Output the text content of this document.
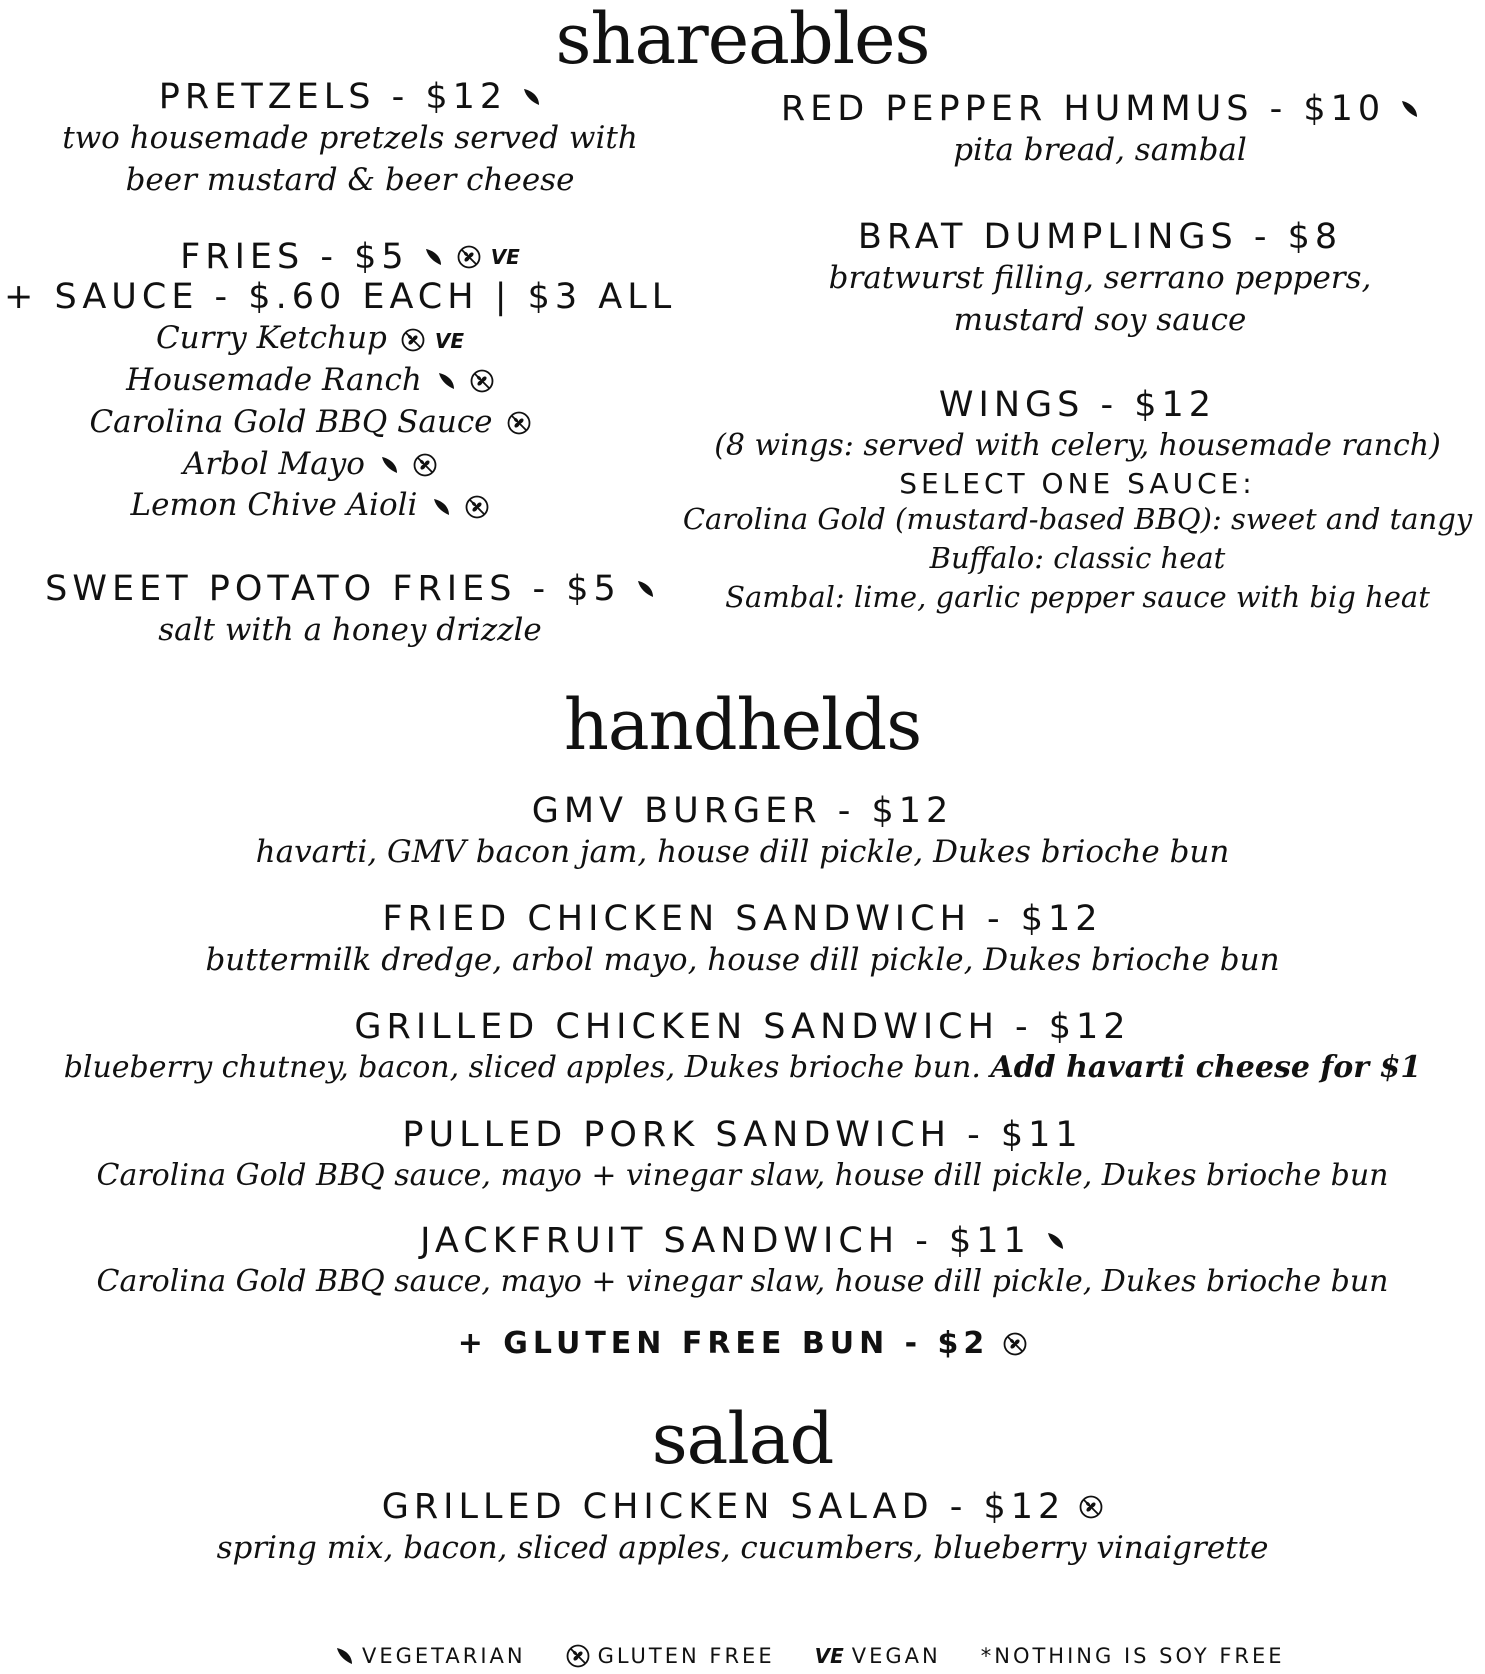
shareables
PRETZELS - $12
two housemade pretzels served with
beer mustard & beer cheese
FRIES - $5	VE
+ SAUCE - $.60 EACH | $3 ALL
Curry Ketchup VE
Housemade Ranch
Carolina Gold BBQ Sauce
Arbol Mayo
Lemon Chive Aioli
SWEET POTATO FRIES - $5
salt with a honey drizzle
RED PEPPER HUMMUS - $10
pita bread, sambal
BRAT DUMPLINGS - $8
bratwurst filling, serrano peppers,
mustard soy sauce
WINGS - $12
(8 wings: served with celery, housemade ranch)
SELECT ONE SAUCE:
Carolina Gold (mustard-based BBQ): sweet and tangy
Buffalo: classic heat
Sambal: lime, garlic pepper sauce with big heat
handhelds
GMV BURGER - $12
havarti, GMV bacon jam, house dill pickle, Dukes brioche bun
FRIED CHICKEN SANDWICH - $12
buttermilk dredge, arbol mayo, house dill pickle, Dukes brioche bun
GRILLED CHICKEN SANDWICH - $12
blueberry chutney, bacon, sliced apples, Dukes brioche bun. Add havarti cheese for $1
PULLED PORK SANDWICH - $11
Carolina Gold BBQ sauce, mayo + vinegar slaw, house dill pickle, Dukes brioche bun
JACKFRUIT SANDWICH - $11
Carolina Gold BBQ sauce, mayo + vinegar slaw, house dill pickle, Dukes brioche bun
+ GLUTEN FREE BUN - $2
salad
GRILLED CHICKEN SALAD - $12
spring mix, bacon, sliced apples, cucumbers, blueberry vinaigrette
VEGETARIAN	GLUTEN FREE VE VEGAN *NOTHING IS SOY FREE
